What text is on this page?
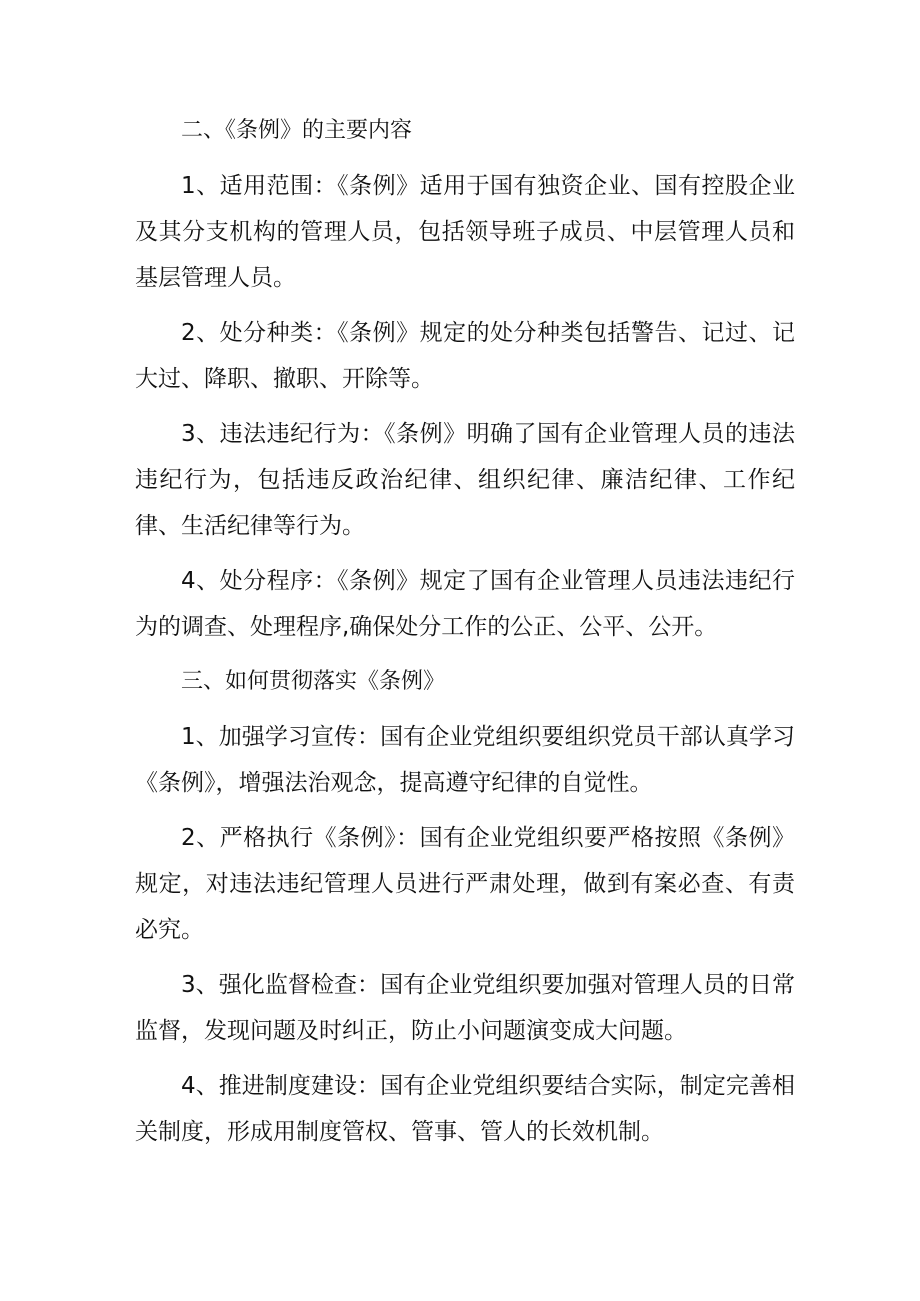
二、《条例》的主要内容

1、适用范围：《条例》适用于国有独资企业、国有控股企业及其分支机构的管理人员，包括领导班子成员、中层管理人员和基层管理人员。

2、处分种类：《条例》规定的处分种类包括警告、记过、记大过、降职、撤职、开除等。

3、违法违纪行为：《条例》明确了国有企业管理人员的违法违纪行为，包括违反政治纪律、组织纪律、廉洁纪律、工作纪律、生活纪律等行为。

4、处分程序：《条例》规定了国有企业管理人员违法违纪行为的调查、处理程序,确保处分工作的公正、公平、公开。

三、如何贯彻落实《条例》

1、加强学习宣传：国有企业党组织要组织党员干部认真学习《条例》，增强法治观念，提高遵守纪律的自觉性。

2、严格执行《条例》：国有企业党组织要严格按照《条例》规定，对违法违纪管理人员进行严肃处理，做到有案必查、有责必究。

3、强化监督检查：国有企业党组织要加强对管理人员的日常监督，发现问题及时纠正，防止小问题演变成大问题。

4、推进制度建设：国有企业党组织要结合实际，制定完善相关制度，形成用制度管权、管事、管人的长效机制。
